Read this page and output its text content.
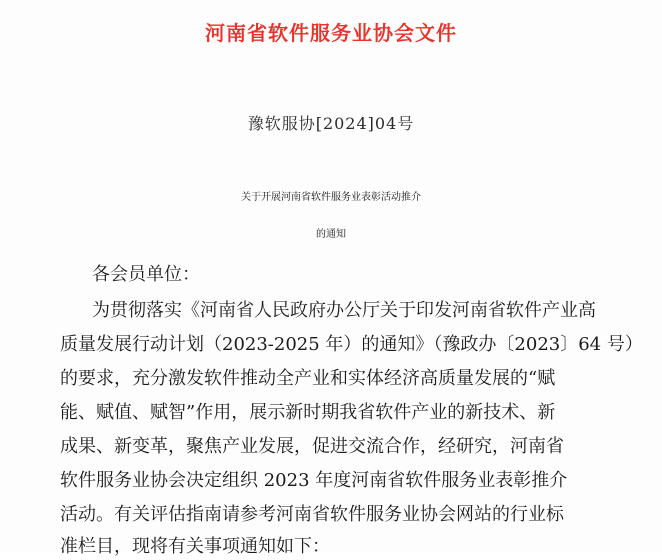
河南省软件服务业协会文件
豫软服协[2024]04号
关于开展河南省软件服务业表彰活动推介
的通知
各会员单位：
为贯彻落实《河南省人民政府办公厅关于印发河南省软件产业高
质量发展行动计划（2023-2025 年）的通知》（豫政办〔2023〕64 号）
的要求，充分激发软件推动全产业和实体经济高质量发展的“赋
能、赋值、赋智”作用，展示新时期我省软件产业的新技术、新
成果、新变革，聚焦产业发展，促进交流合作，经研究，河南省
软件服务业协会决定组织 2023 年度河南省软件服务业表彰推介
活动。有关评估指南请参考河南省软件服务业协会网站的行业标
准栏目，现将有关事项通知如下：
